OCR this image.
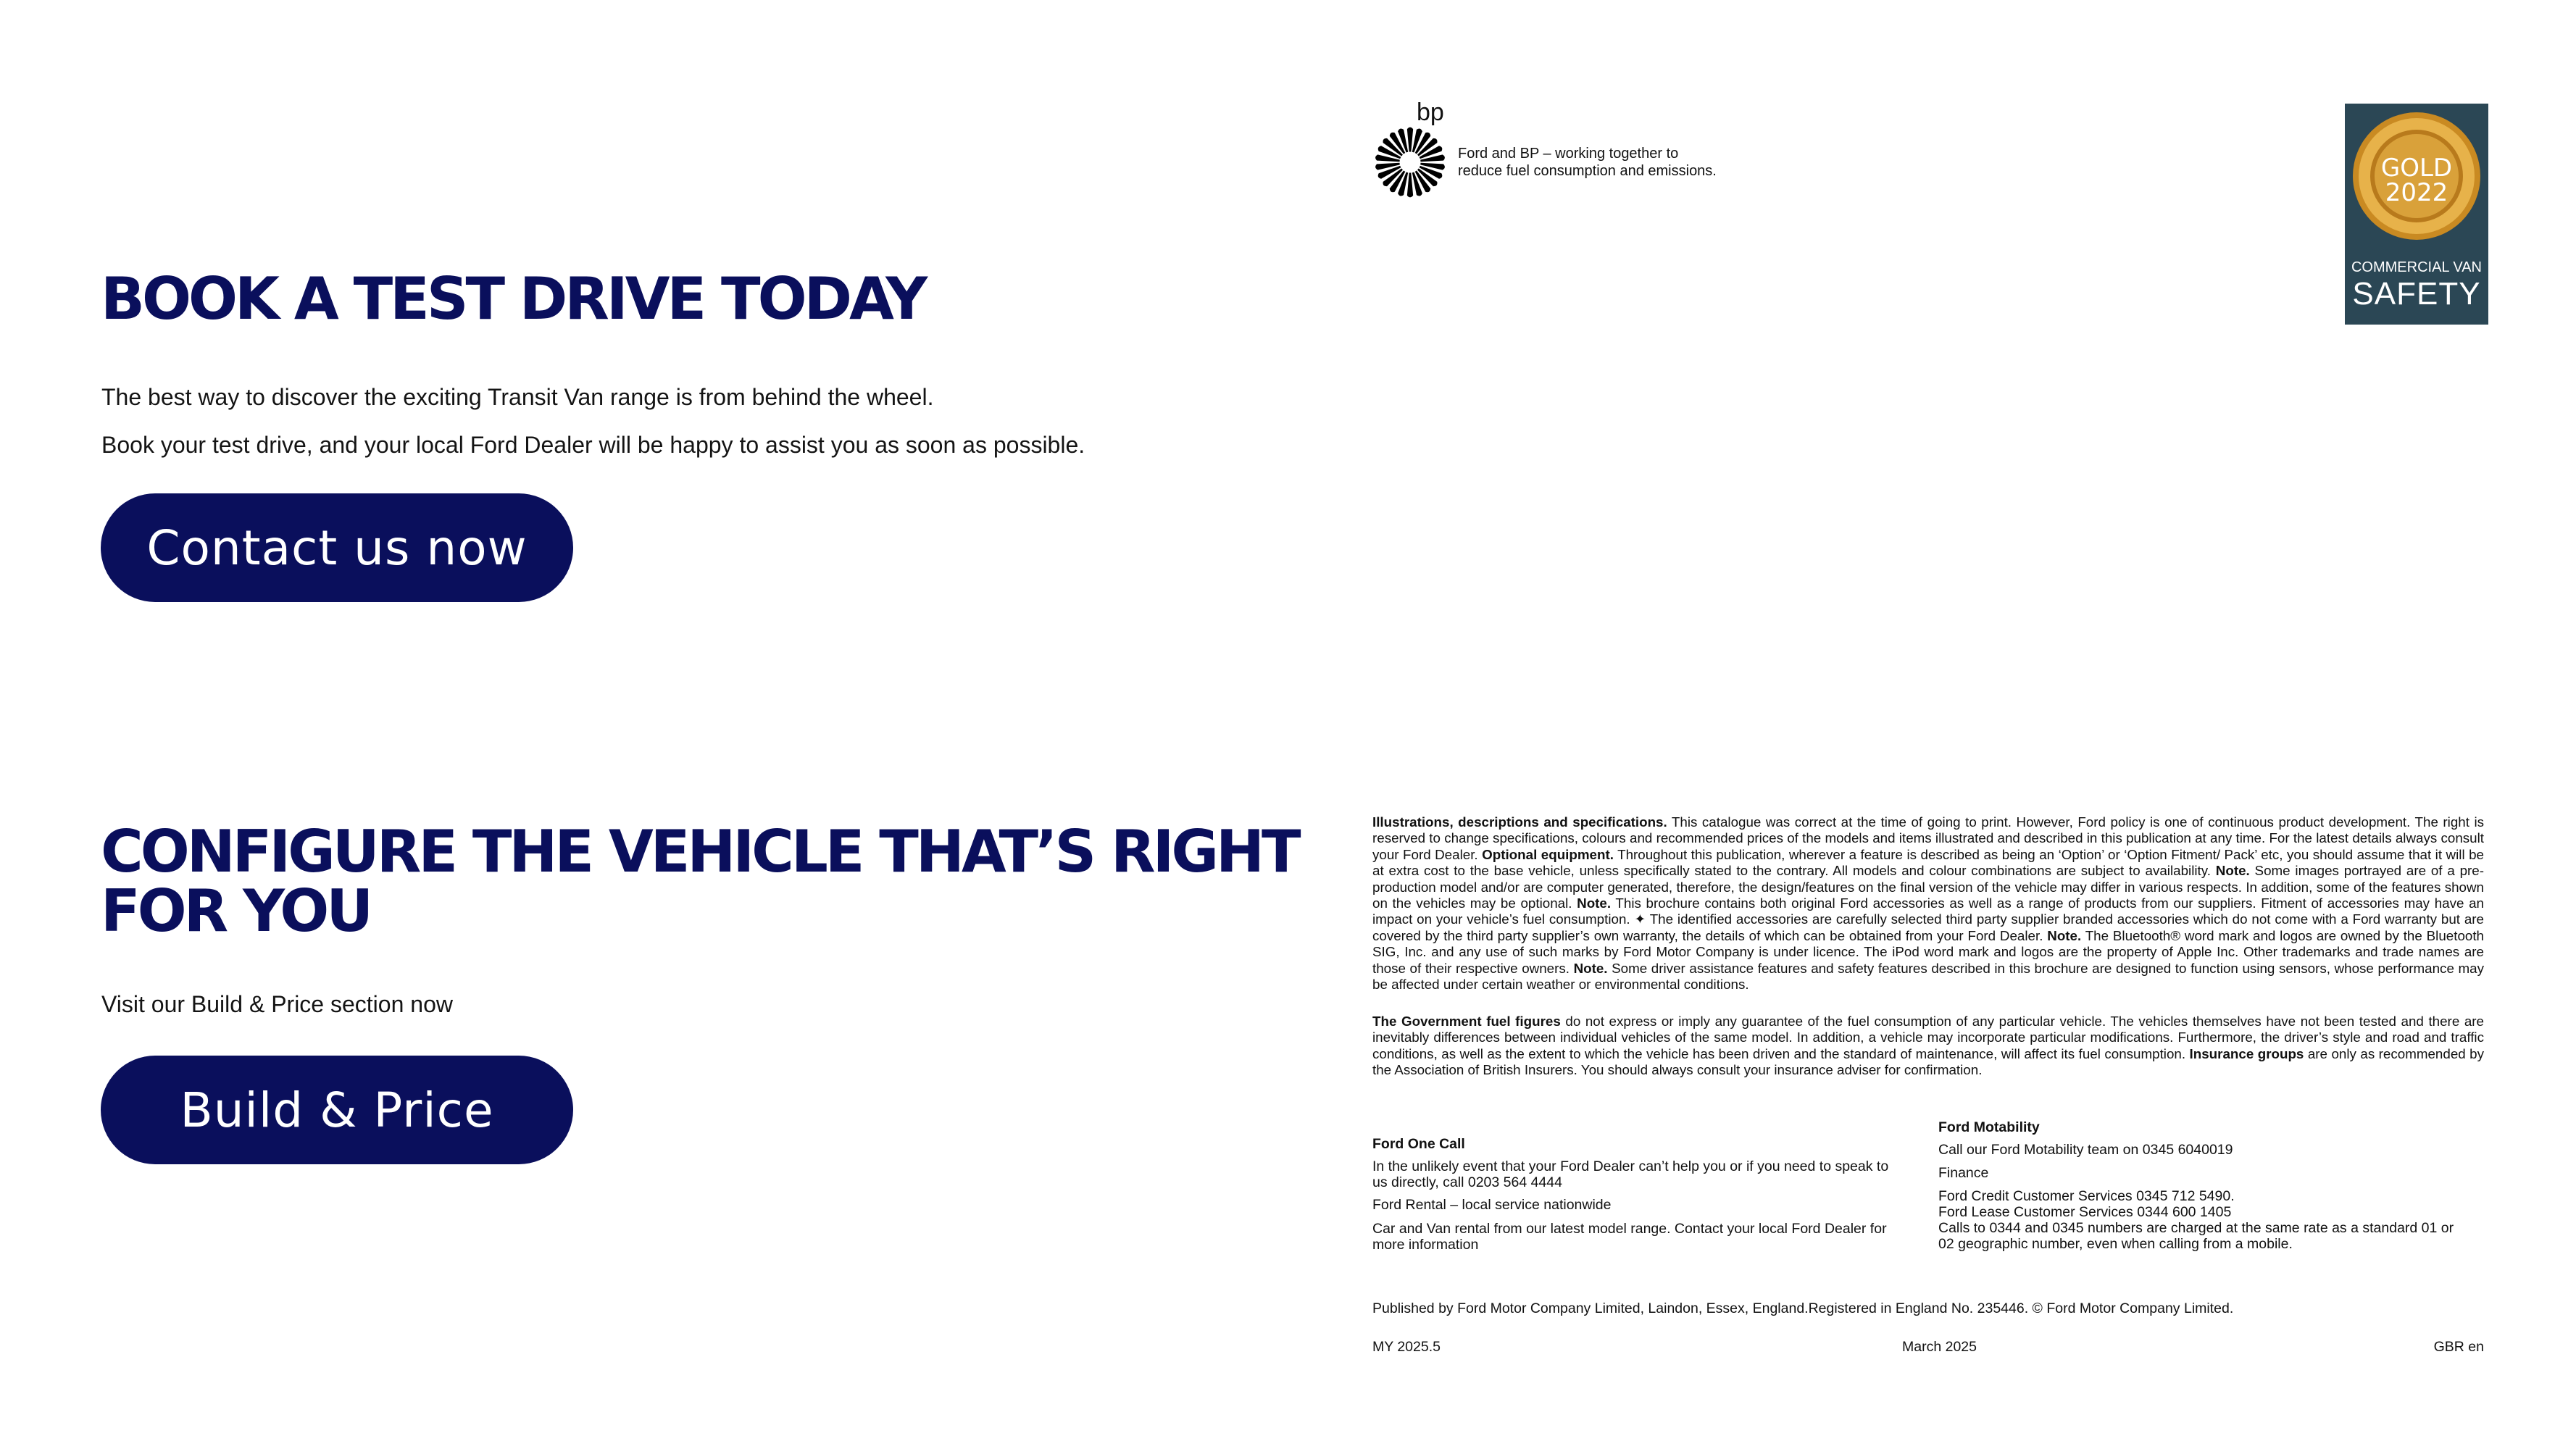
BOOK A TEST DRIVE TODAY

The best way to discover the exciting Transit Van range is from behind the wheel.

Book your test drive, and your local Ford Dealer will be happy to assist you as soon as possible.

Contact us now
CONFIGURE THE VEHICLE THAT’S RIGHT
FOR YOU

Visit our Build & Price section now

Build & Price
bp
Ford and BP – working together to
reduce fuel consumption and emissions.	GOLD
2022
COMMERCIAL VAN
SAFETY

Illustrations, descriptions and specifications. This catalogue was correct at the time of going to print. However, Ford policy is one of continuous product development. The right is reserved to change specifications, colours and recommended prices of the models and items illustrated and described in this publication at any time. For the latest details always consult your Ford Dealer. Optional equipment. Throughout this publication, wherever a feature is described as being an ‘Option’ or ‘Option Fitment/ Pack’ etc, you should assume that it will be at extra cost to the base vehicle, unless specifically stated to the contrary. All models and colour combinations are subject to availability. Note. Some images portrayed are of a pre-production model and/or are computer generated, therefore, the design/features on the final version of the vehicle may differ in various respects. In addition, some of the features shown on the vehicles may be optional. Note. This brochure contains both original Ford accessories as well as a range of products from our suppliers. Fitment of accessories may have an impact on your vehicle’s fuel consumption. ✦ The identified accessories are carefully selected third party supplier branded accessories which do not come with a Ford warranty but are covered by the third party supplier’s own warranty, the details of which can be obtained from your Ford Dealer. Note. The Bluetooth® word mark and logos are owned by the Bluetooth SIG, Inc. and any use of such marks by Ford Motor Company is under licence. The iPod word mark and logos are the property of Apple Inc. Other trademarks and trade names are those of their respective owners. Note. Some driver assistance features and safety features described in this brochure are designed to function using sensors, whose performance may be affected under certain weather or environmental conditions.

The Government fuel figures do not express or imply any guarantee of the fuel consumption of any particular vehicle. The vehicles themselves have not been tested and there are inevitably differences between individual vehicles of the same model. In addition, a vehicle may incorporate particular modifications. Furthermore, the driver’s style and road and traffic conditions, as well as the extent to which the vehicle has been driven and the standard of maintenance, will affect its fuel consumption. Insurance groups are only as recommended by the Association of British Insurers. You should always consult your insurance adviser for confirmation.

Ford One Call

In the unlikely event that your Ford Dealer can’t help you or if you need to speak to
us directly, call 0203 564 4444

Ford Rental – local service nationwide

Car and Van rental from our latest model range. Contact your local Ford Dealer for
more information

Ford Motability

Call our Ford Motability team on 0345 6040019

Finance

Ford Credit Customer Services 0345 712 5490.
Ford Lease Customer Services 0344 600 1405
Calls to 0344 and 0345 numbers are charged at the same rate as a standard 01 or
02 geographic number, even when calling from a mobile.

Published by Ford Motor Company Limited, Laindon, Essex, England.Registered in England No. 235446. © Ford Motor Company Limited.

MY 2025.5	March 2025	GBR en
